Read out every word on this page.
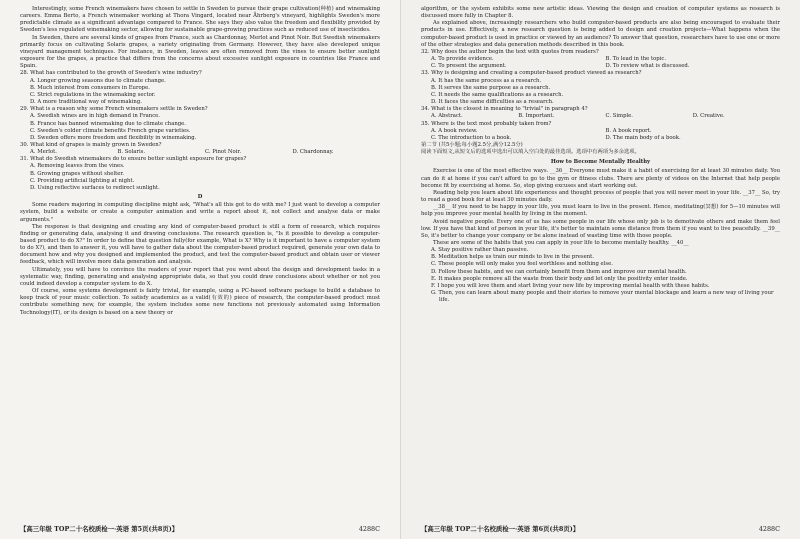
Interestingly, some French winemakers have chosen to settle in Sweden to pursue their grape cultivation(种植) and winemaking careers. Emma Berto, a French winemaker working at Thora Vingard, located near Åhrberg's vineyard, highlights Sweden's more predictable climate as a significant advantage compared to France. She says they also value the freedom and flexibility provided by Sweden's less regulated winemaking sector, allowing for sustainable grape-growing practices such as reduced use of insecticides.

In Sweden, there are several kinds of grapes from France, such as Chardonnay, Merlot and Pinot Noir. But Swedish winemakers primarily focus on cultivating Solaris grapes, a variety originating from Germany. However, they have also developed unique vineyard management techniques. For instance, in Sweden, leaves are often removed from the vines to ensure better sunlight exposure for the grapes, a practice that differs from the concerns about excessive sunlight exposure in countries like France and Spain.

28. What has contributed to the growth of Sweden's wine industry?
A. Longer growing seasons due to climate change.
B. Much interest from consumers in Europe.
C. Strict regulations in the winemaking sector.
D. A more traditional way of winemaking.
29. What is a reason why some French winemakers settle in Sweden?
A. Swedish wines are in high demand in France.
B. France has banned winemaking due to climate change.
C. Sweden's colder climate benefits French grape varieties.
D. Sweden offers more freedom and flexibility in winemaking.
30. What kind of grapes is mainly grown in Sweden?
A. Merlot.	B. Solaris.	C. Pinot Noir.	D. Chardonnay.
31. What do Swedish winemakers do to ensure better sunlight exposure for grapes?
A. Removing leaves from the vines.
B. Growing grapes without shelter.
C. Providing artificial lighting at night.
D. Using reflective surfaces to redirect sunlight.
D

Some readers majoring in computing discipline might ask, "What's all this got to do with me? I just want to develop a computer system, build a website or create a computer animation and write a report about it, not collect and analyse data or make arguments."

The response is that designing and creating any kind of computer-based product is still a form of research, which requires finding or generating data, analysing it and drawing conclusions. The research question is, "Is it possible to develop a computer-based product to do X?" In order to define that question fully(for example, What is X? Why is it important to have a computer system to do X?), and then to answer it, you will have to gather data about the computer-based product required, generate your own data to document how and why you designed and implemented the product, and test the computer-based product and obtain user or viewer feedback, which will involve more data generation and analysis.

Ultimately, you will have to convince the readers of your report that you went about the design and development tasks in a systematic way, finding, generating and analysing appropriate data, so that you could draw conclusions about whether or not you could indeed develop a computer system to do X.

Of course, some systems development is fairly trivial, for example, using a PC-based software package to build a database to keep track of your music collection. To satisfy academics as a valid(有效的) piece of research, the computer-based product must contribute something new, for example, the system includes some new functions not previously automated using Information Technology(IT), or its design is based on a new theory or

【高三年级 TOP二十名校质检一·英语 第5页(共8页)】	4288C

algorithm, or the system exhibits some new artistic ideas. Viewing the design and creation of computer systems as research is discussed more fully in Chapter 8.

As explained above, increasingly researchers who build computer-based products are also being encouraged to evaluate their products in use. Effectively, a new research question is being added to design and creation projects—What happens when the computer-based product is used in practice or viewed by an audience? To answer that question, researchers have to use one or more of the other strategies and data generation methods described in this book.

32. Why does the author begin the text with quotes from readers?
A. To provide evidence.	B. To lead in the topic.
C. To present the argument.	D. To review what is discussed.
33. Why is designing and creating a computer-based product viewed as research?
A. It has the same process as a research.
B. It serves the same purpose as a research.
C. It needs the same qualifications as a research.
D. It faces the same difficulties as a research.
34. What is the closest in meaning to "trivial" in paragraph 4?
A. Abstract.	B. Important.	C. Simple.	D. Creative.
35. Where is the text most probably taken from?
A. A book review.	B. A book report.
C. The introduction to a book.	D. The main body of a book.
第二节 (共5小题;每小题2.5分,满分12.5分)
阅读下面短文,从短文后的选项中选出可以填入空白处的最佳选项。选项中有两项为多余选项。
How to Become Mentally Healthy

Exercise is one of the most effective ways. __36__ Everyone must make it a habit of exercising for at least 30 minutes daily. You can do it at home if you can't afford to go to the gym or fitness clubs. There are plenty of videos on the Internet that help people become fit by exercising at home. So, stop giving excuses and start working out.

Reading help you learn about life experiences and thought process of people that you will never meet in your life. __37__ So, try to read a good book for at least 30 minutes daily.

__38__ If you need to be happy in your life, you must learn to live in the present. Hence, meditating(冥想) for 5—10 minutes will help you improve your mental health by living in the moment.

Avoid negative people. Every one of us has some people in our life whose only job is to demotivate others and make them feel low. If you have that kind of person in your life, it's better to maintain some distance from them if you want to live peacefully. __39__ So, it's better to change your company or be alone instead of wasting time with those people.

These are some of the habits that you can apply in your life to become mentally healthy. __40__

A. Stay positive rather than passive.
B. Meditation helps us train our minds to live in the present.
C. These people will only make you feel worthless and nothing else.
D. Follow these habits, and we can certainly benefit from them and improve our mental health.
E. It makes people remove all the waste from their body and let only the positivity enter inside.
F. I hope you will love them and start living your new life by improving mental health with these habits.
G. Then, you can learn about many people and their stories to remove your mental blockage and learn a new way of living your life.
【高三年级 TOP二十名校质检一·英语 第6页(共8页)】	4288C
